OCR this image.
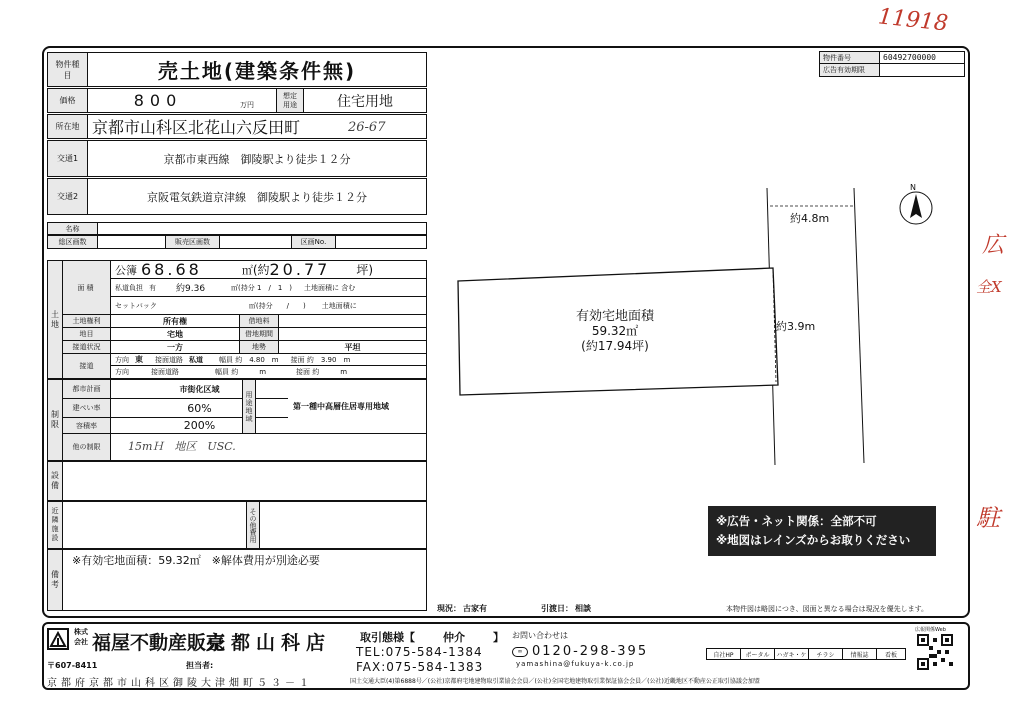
11918
広
全X
駐
物件番号	60492700000
広告有効期限
物件種目	売土地(建築条件無)
価格	800	万円
想定用途	住宅用地
所在地 京都市山科区北花山六反田町	26-67
交通1	京都市東西線　御陵駅より徒歩１２分
交通2	京阪電気鉄道京津線　御陵駅より徒歩１２分
名称
総区画数	販売区画数	区画No.
土地
面積
公簿 68.68	㎡ (約 20.77 坪)
私道負担 有 約9.36	㎡(持分 1　/　1　) 土地面積に 含む
セットバック	㎡(持分　　/　　) 土地面積に
土地権利	所有権	借地料
地目	宅地	借地期間
接道状況	一方	地勢	平坦
接道
方向 東 接面道路 私道 幅員 約　4.80　m 接面 約　3.90　m
方向	接面道路	幅員 約　　　m	接面 約　　　m
制限
都市計画	市街化区域
建ぺい率	60%
容積率	200%
用途地域
第一種中高層住居専用地域
他の制限	15mＨ　地区　USC.
設備
近隣施設	その他費用
備考
※有効宅地面積：59.32㎡　※解体費用が別途必要
N
約4.8m
約3.9m
有効宅地面積
59.32㎡
(約17.94坪)
※広告・ネット関係：全部不可
※地図はレインズからお取りください
現況： 古家有	引渡日： 相談	本物件図は略図につき、図面と異なる場合は現況を優先します。
株式会社 福屋不動産販売
京都山科店	取引態様【	仲介	】 お問い合わせは
TEL:075-584-1384	∞ 0120-298-395
FAX:075-584-1383	yamashina@fukuya-k.co.jp
〒607-8411	担当者:
京都府京都市山科区御陵大津畑町５３－１	国土交通大臣(4)第6888号／(公社)京都府宅地建物取引業協会会員／(公社)全国宅地建物取引業保証協会会員／(公社)近畿地区不動産公正取引協議会加盟
自社HP	ポータル	ハガキ・ケ	チラシ	情報誌	看板
広報関係Web
